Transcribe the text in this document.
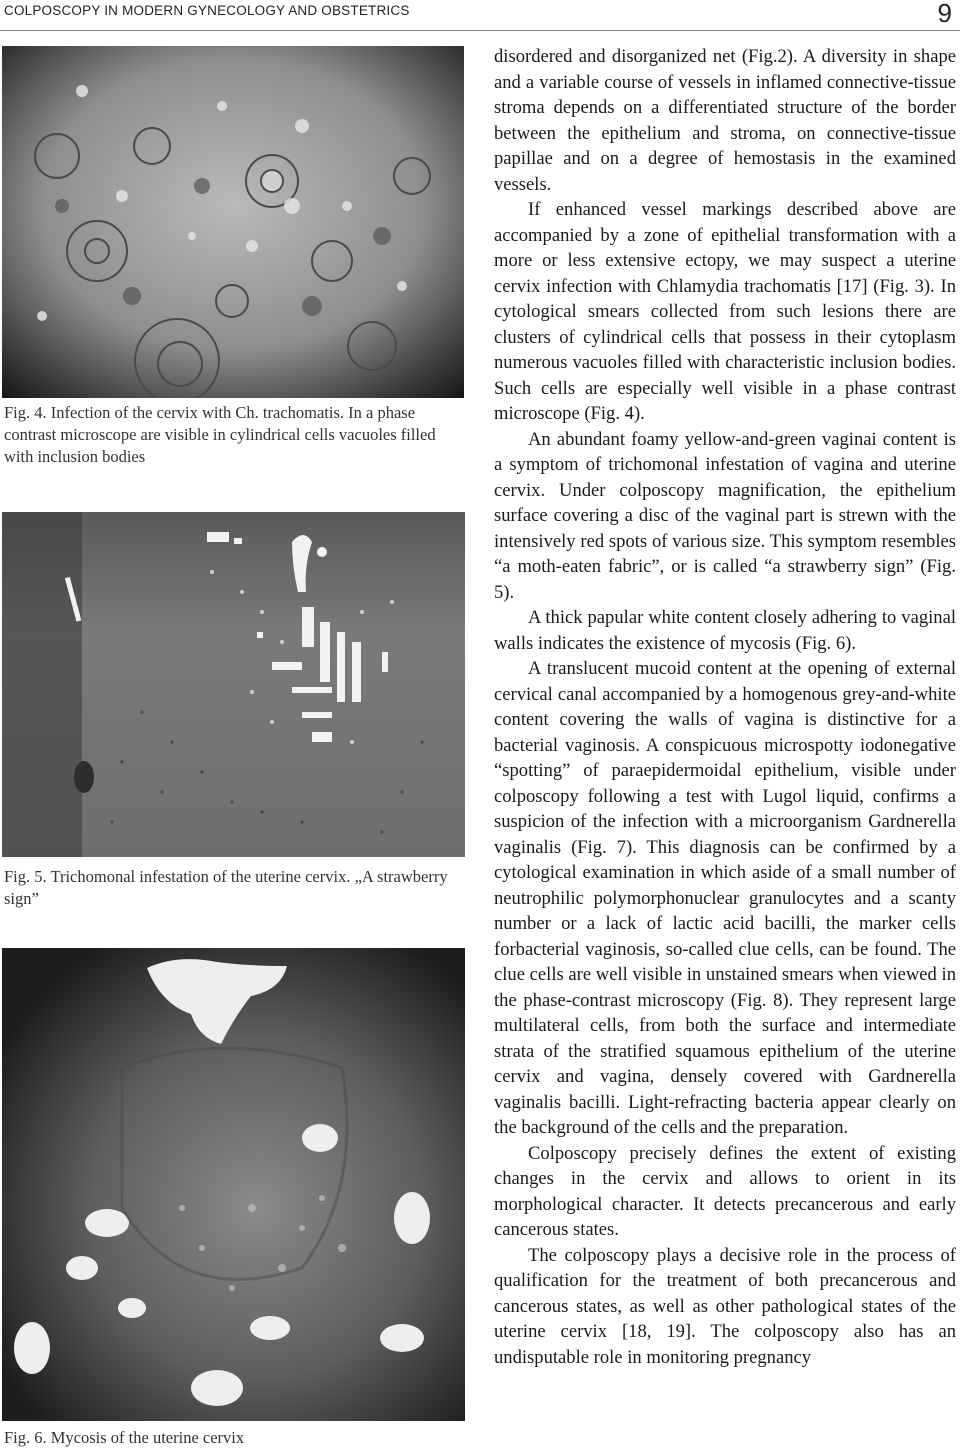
COLPOSCOPY IN MODERN GYNECOLOGY AND OBSTETRICS	9
Fig. 4. Infection of the cervix with Ch. trachomatis. In a phase contrast microscope are visible in cylindrical cells vacuoles filled with inclusion bodies
Fig. 5. Trichomonal infestation of the uterine cervix. „A strawberry sign”
Fig. 6. Mycosis of the uterine cervix

disordered and disorganized net (Fig.2). A diversity in shape and a variable course of vessels in inflamed connective-tissue stroma depends on a differentiated structure of the border between the epithelium and stroma, on connective-tissue papillae and on a degree of hemostasis in the examined vessels.

If enhanced vessel markings described above are accompanied by a zone of epithelial transformation with a more or less extensive ectopy, we may suspect a uterine cervix infection with Chlamydia trachomatis [17] (Fig. 3). In cytological smears collected from such lesions there are clusters of cylindrical cells that possess in their cytoplasm numerous vacuoles filled with characteristic inclusion bodies. Such cells are especially well visible in a phase contrast microscope (Fig. 4).

An abundant foamy yellow-and-green vaginai content is a symptom of trichomonal infestation of vagina and uterine cervix. Under colposcopy magnification, the epithelium surface covering a disc of the vaginal part is strewn with the intensively red spots of various size. This symptom resembles “a moth-eaten fabric”, or is called “a strawberry sign” (Fig. 5).

A thick papular white content closely adhering to vaginal walls indicates the existence of mycosis (Fig. 6).

A translucent mucoid content at the opening of external cervical canal accompanied by a homogenous grey-and-white content covering the walls of vagina is distinctive for a bacterial vaginosis. A conspicuous microspotty iodonegative “spotting” of paraepidermoidal epithelium, visible under colposcopy following a test with Lugol liquid, confirms a suspicion of the infection with a microorganism Gardnerella vaginalis (Fig. 7). This diagnosis can be confirmed by a cytological examination in which aside of a small number of neutrophilic polymorphonuclear granulocytes and a scanty number or a lack of lactic acid bacilli, the marker cells forbacterial vaginosis, so-called clue cells, can be found. The clue cells are well visible in unstained smears when viewed in the phase-contrast microscopy (Fig. 8). They represent large multilateral cells, from both the surface and intermediate strata of the stratified squamous epithelium of the uterine cervix and vagina, densely covered with Gardnerella vaginalis bacilli. Light-refracting bacteria appear clearly on the background of the cells and the preparation.

Colposcopy precisely defines the extent of existing changes in the cervix and allows to orient in its morphological character. It detects precancerous and early cancerous states.

The colposcopy plays a decisive role in the process of qualification for the treatment of both precancerous and cancerous states, as well as other pathological states of the uterine cervix [18, 19]. The colposcopy also has an undisputable role in monitoring pregnancy
